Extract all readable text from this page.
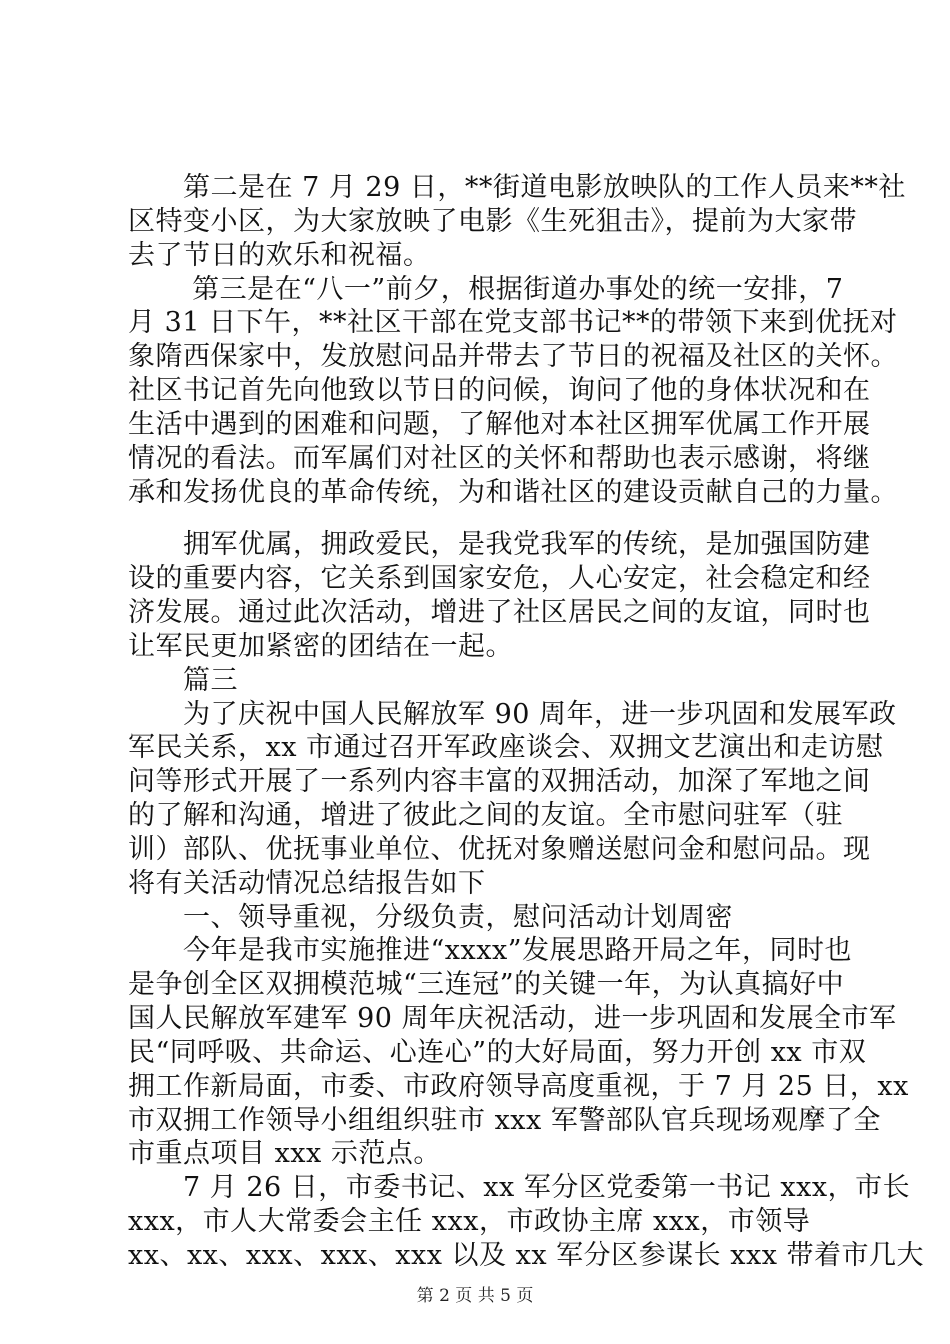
　　第二是在 7 月 29 日，**街道电影放映队的工作人员来**社
区特变小区，为大家放映了电影《生死狙击》，提前为大家带
去了节日的欢乐和祝福。
　　 第三是在“八一”前夕，根据街道办事处的统一安排，7
月 31 日下午，**社区干部在党支部书记**的带领下来到优抚对
象隋西保家中，发放慰问品并带去了节日的祝福及社区的关怀。
社区书记首先向他致以节日的问候，询问了他的身体状况和在
生活中遇到的困难和问题，了解他对本社区拥军优属工作开展
情况的看法。而军属们对社区的关怀和帮助也表示感谢，将继
承和发扬优良的革命传统，为和谐社区的建设贡献自己的力量。
　　拥军优属，拥政爱民，是我党我军的传统，是加强国防建
设的重要内容，它关系到国家安危，人心安定，社会稳定和经
济发展。通过此次活动，增进了社区居民之间的友谊，同时也
让军民更加紧密的团结在一起。
　　篇三
　　为了庆祝中国人民解放军 90 周年，进一步巩固和发展军政
军民关系，xx 市通过召开军政座谈会、双拥文艺演出和走访慰
问等形式开展了一系列内容丰富的双拥活动，加深了军地之间
的了解和沟通，增进了彼此之间的友谊。全市慰问驻军（驻
训）部队、优抚事业单位、优抚对象赠送慰问金和慰问品。现
将有关活动情况总结报告如下
　　一、领导重视，分级负责，慰问活动计划周密
　　今年是我市实施推进“xxxx”发展思路开局之年，同时也
是争创全区双拥模范城“三连冠”的关键一年，为认真搞好中
国人民解放军建军 90 周年庆祝活动，进一步巩固和发展全市军
民“同呼吸、共命运、心连心”的大好局面，努力开创 xx 市双
拥工作新局面，市委、市政府领导高度重视，于 7 月 25 日，xx
市双拥工作领导小组组织驻市 xxx 军警部队官兵现场观摩了全
市重点项目 xxx 示范点。
　　7 月 26 日，市委书记、xx 军分区党委第一书记 xxx，市长
xxx，市人大常委会主任 xxx，市政协主席 xxx，市领导
xx、xx、xxx、xxx、xxx 以及 xx 军分区参谋长 xxx 带着市几大
第 2 页 共 5 页
